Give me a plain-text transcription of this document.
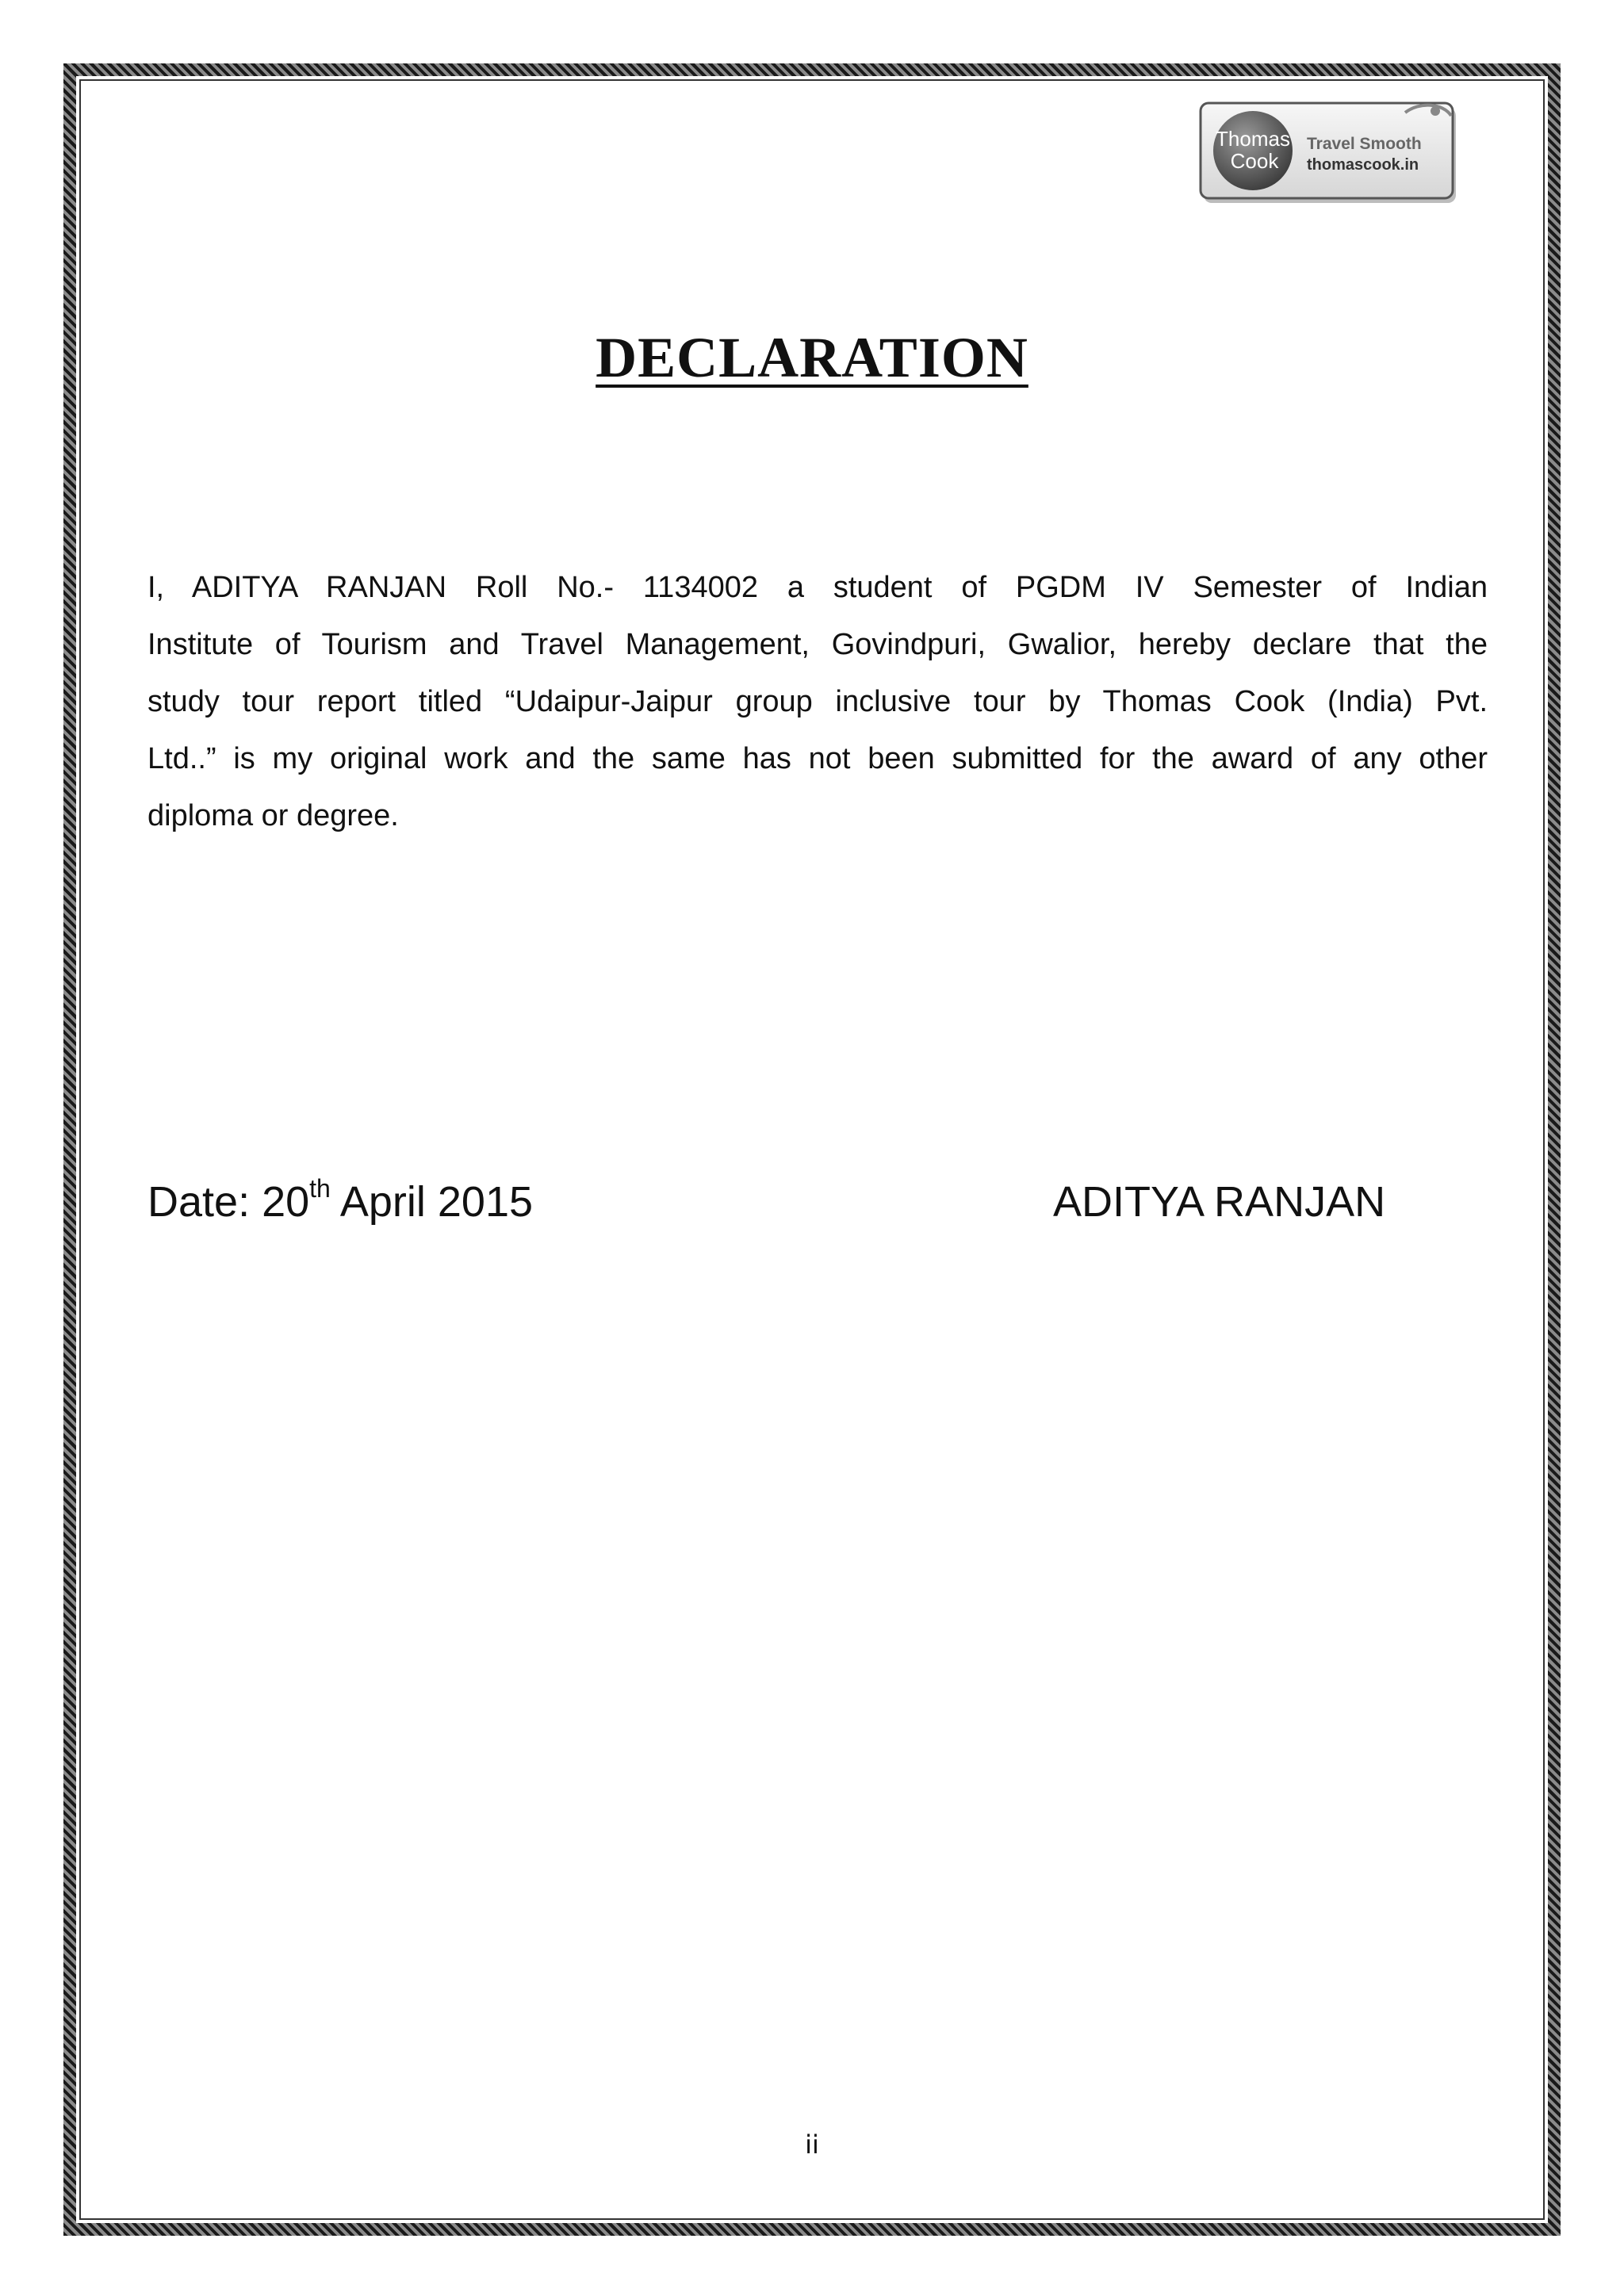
Thomas
Cook
Travel Smooth
thomascook.in
DECLARATION
I, ADITYA RANJAN Roll No.- 1134002 a student of PGDM IV Semester of Indian
Institute of Tourism and Travel Management, Govindpuri, Gwalior, hereby declare that the
study tour report titled “Udaipur-Jaipur group inclusive tour by Thomas Cook (India) Pvt.
Ltd..” is my original work and the same has not been submitted for the award of any other
diploma or degree.
Date: 20th April 2015	ADITYA RANJAN
ii
